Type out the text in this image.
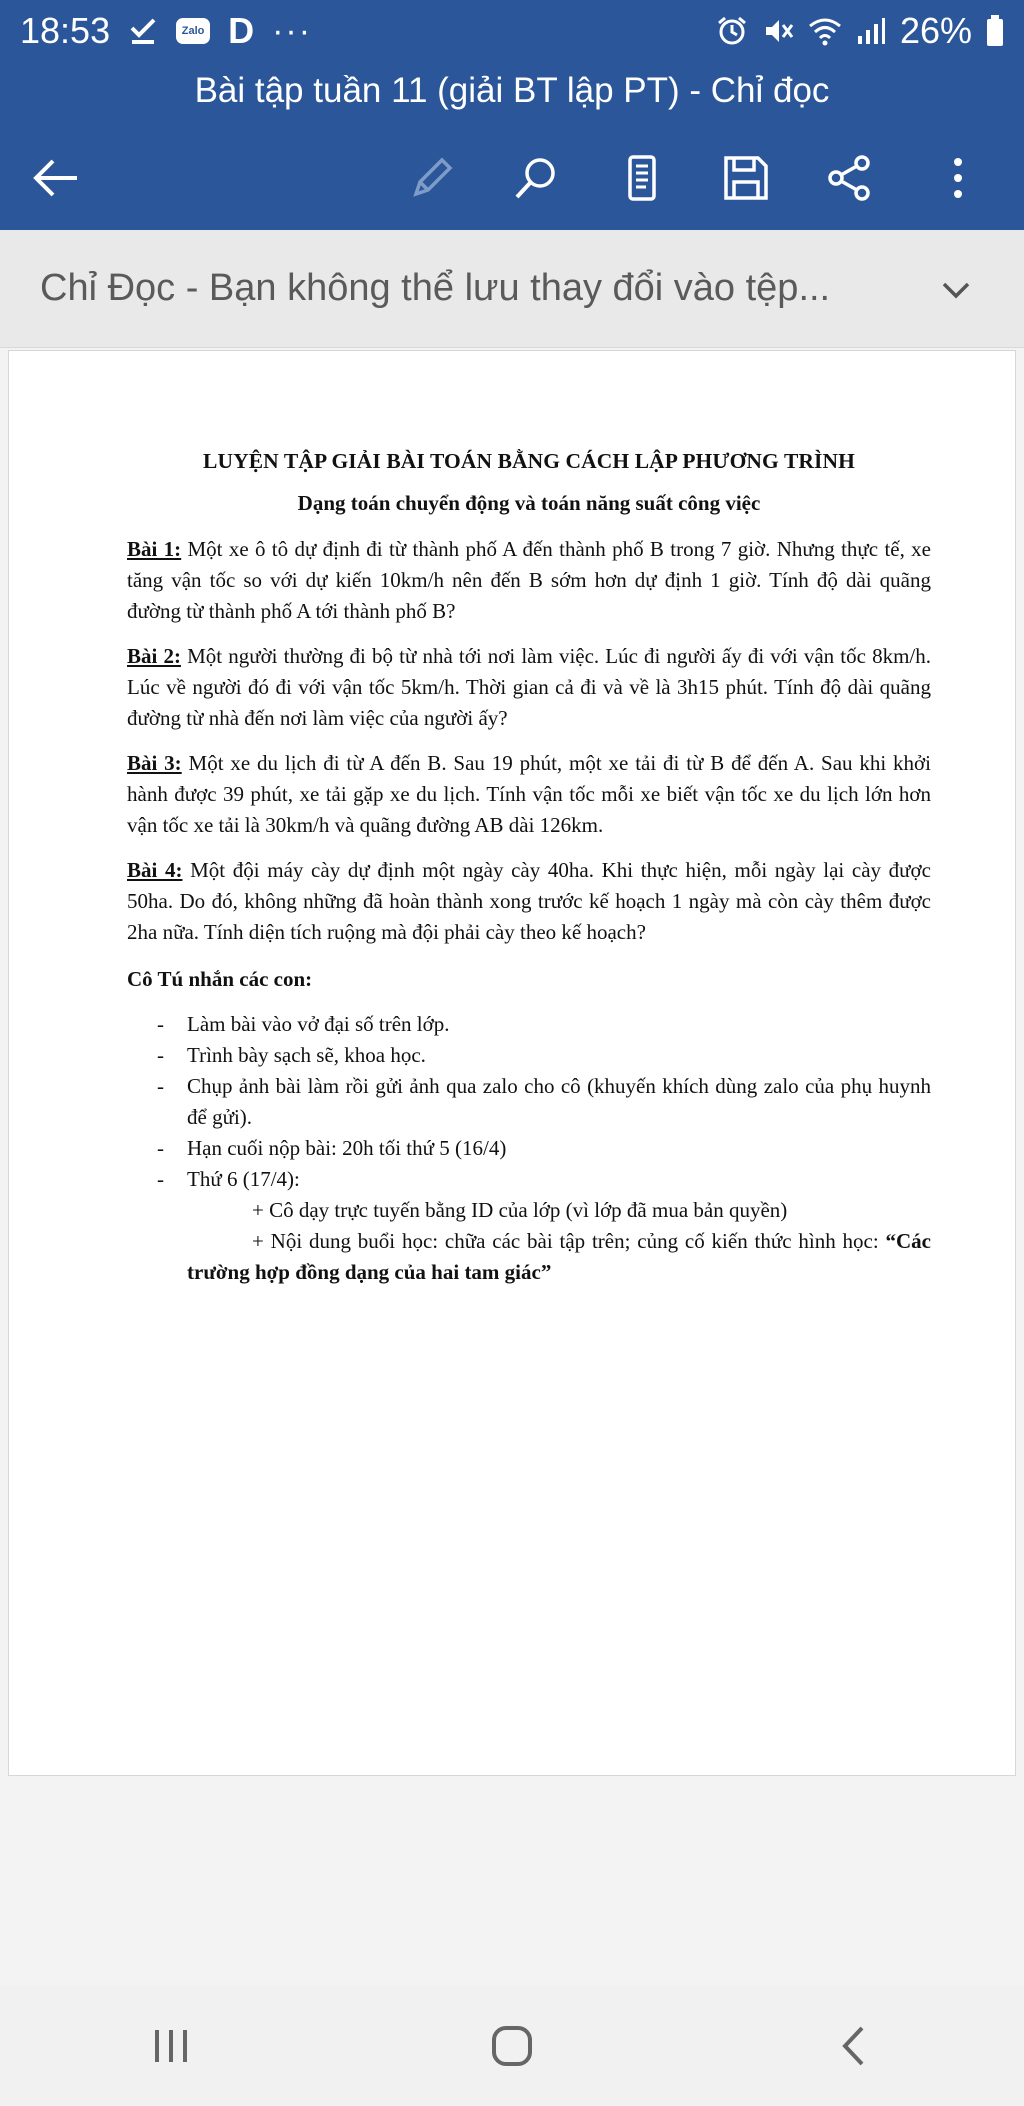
18:53	Zalo D ···	26%
Bài tập tuần 11 (giải BT lập PT) - Chỉ đọc
Chỉ Đọc - Bạn không thể lưu thay đổi vào tệp...
LUYỆN TẬP GIẢI BÀI TOÁN BẰNG CÁCH LẬP PHƯƠNG TRÌNH
Dạng toán chuyển động và toán năng suất công việc

Bài 1: Một xe ô tô dự định đi từ thành phố A đến thành phố B trong 7 giờ. Nhưng thực tế, xe tăng vận tốc so với dự kiến 10km/h nên đến B sớm hơn dự định 1 giờ. Tính độ dài quãng đường từ thành phố A tới thành phố B?

Bài 2: Một người thường đi bộ từ nhà tới nơi làm việc. Lúc đi người ấy đi với vận tốc 8km/h. Lúc về người đó đi với vận tốc 5km/h. Thời gian cả đi và về là 3h15 phút. Tính độ dài quãng đường từ nhà đến nơi làm việc của người ấy?

Bài 3: Một xe du lịch đi từ A đến B. Sau 19 phút, một xe tải đi từ B để đến A. Sau khi khởi hành được 39 phút, xe tải gặp xe du lịch. Tính vận tốc mỗi xe biết vận tốc xe du lịch lớn hơn vận tốc xe tải là 30km/h và quãng đường AB dài 126km.

Bài 4: Một đội máy cày dự định một ngày cày 40ha. Khi thực hiện, mỗi ngày lại cày được 50ha. Do đó, không những đã hoàn thành xong trước kế hoạch 1 ngày mà còn cày thêm được 2ha nữa. Tính diện tích ruộng mà đội phải cày theo kế hoạch?

Cô Tú nhắn các con:

- Làm bài vào vở đại số trên lớp.
- Trình bày sạch sẽ, khoa học.
- Chụp ảnh bài làm rồi gửi ảnh qua zalo cho cô (khuyến khích dùng zalo của phụ huynh để gửi).
- Hạn cuối nộp bài: 20h tối thứ 5 (16/4)
- Thứ 6 (17/4):

+ Cô dạy trực tuyến bằng ID của lớp (vì lớp đã mua bản quyền)

+ Nội dung buổi học: chữa các bài tập trên; củng cố kiến thức hình học: “Các trường hợp đồng dạng của hai tam giác”
